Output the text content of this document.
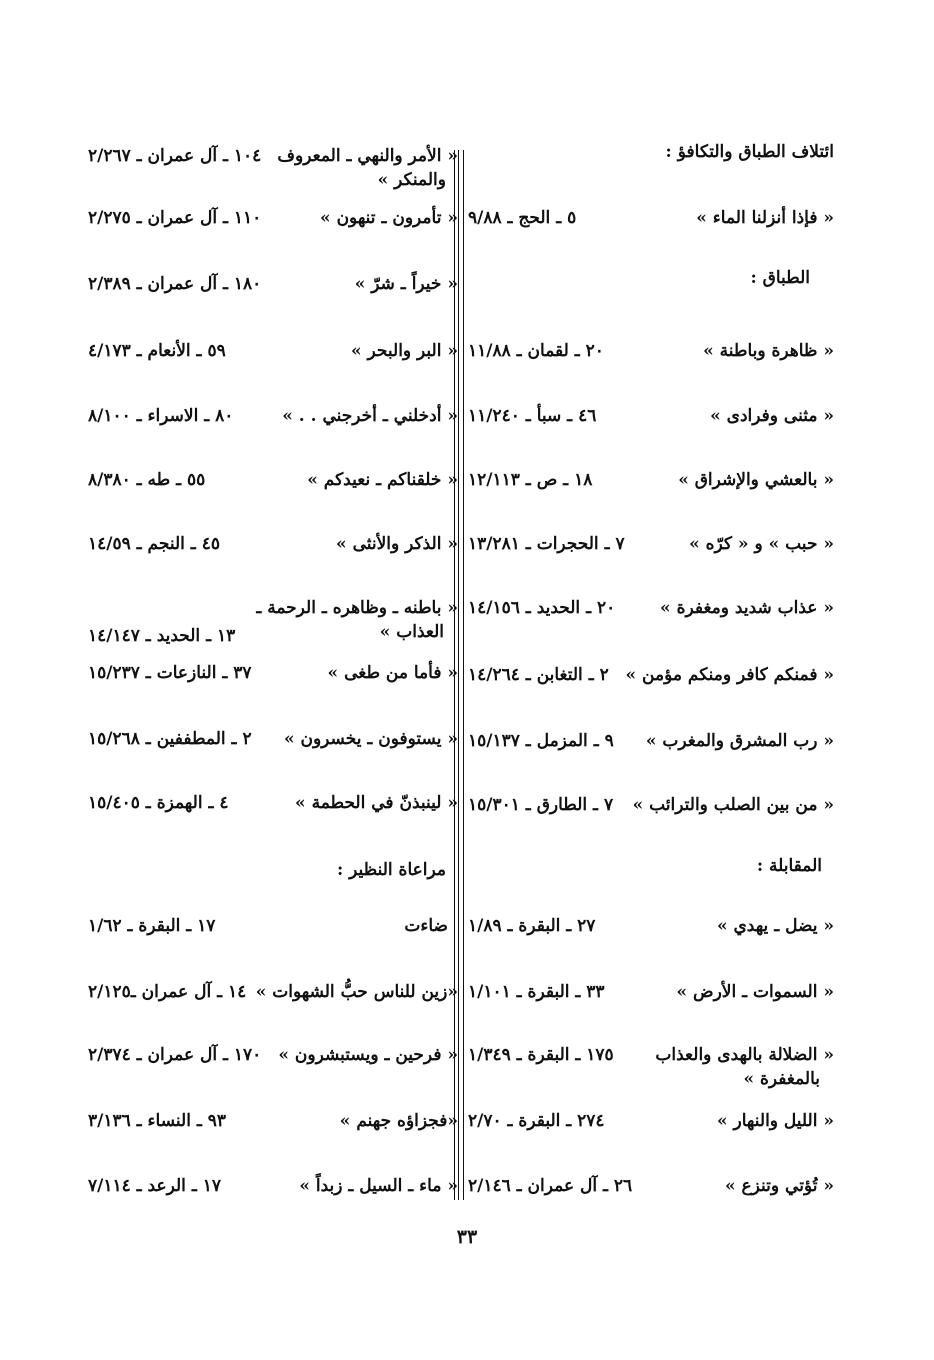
ائتلاف الطباق والتكافؤ :
« فإذا أنزلنا الماء »
٥ ـ الحج ـ ٩/٨٨
الطباق :
« ظاهرة وباطنة »
٢٠ ـ لقمان ـ ١١/٨٨
« مثنى وفرادى »
٤٦ ـ سبأ ـ ١١/٢٤٠
« بالعشي والإشراق »
١٨ ـ ص ـ ١٢/١١٣
« حبب » و « كرّه »
٧ ـ الحجرات ـ ١٣/٢٨١
« عذاب شديد ومغفرة »
٢٠ ـ الحديد ـ ١٤/١٥٦
« فمنكم كافر ومنكم مؤمن »
٢ ـ التغابن ـ ١٤/٢٦٤
« رب المشرق والمغرب »
٩ ـ المزمل ـ ١٥/١٣٧
« من بين الصلب والترائب »
٧ ـ الطارق ـ ١٥/٣٠١
المقابلة :
« يضل ـ يهدي »
٢٧ ـ البقرة ـ ١/٨٩
« السموات ـ الأرض »
٣٣ ـ البقرة ـ ١/١٠١
« الضلالة بالهدى والعذاب
بالمغفرة »
١٧٥ ـ البقرة ـ ١/٣٤٩
« الليل والنهار »
٢٧٤ ـ البقرة ـ ٢/٧٠
« تُؤتي وتنزع »
٢٦ ـ آل عمران ـ ٢/١٤٦
« الأمر والنهي ـ المعروف
والمنكر »
١٠٤ ـ آل عمران ـ ٢/٢٦٧
« تأمرون ـ تنهون »
١١٠ ـ آل عمران ـ ٢/٢٧٥
« خيراً ـ شرّ »
١٨٠ ـ آل عمران ـ ٢/٣٨٩
« البر والبحر »
٥٩ ـ الأنعام ـ ٤/١٧٣
« أدخلني ـ أخرجني . . »
٨٠ ـ الاسراء ـ ٨/١٠٠
« خلقناكم ـ نعيدكم »
٥٥ ـ طه ـ ٨/٣٨٠
« الذكر والأنثى »
٤٥ ـ النجم ـ ١٤/٥٩
« باطنه ـ وظاهره ـ الرحمة ـ
العذاب »
١٣ ـ الحديد ـ ١٤/١٤٧
« فأما من طغى »
٣٧ ـ النازعات ـ ١٥/٢٣٧
« يستوفون ـ يخسرون »
٢ ـ المطففين ـ ١٥/٢٦٨
« لينبذنّ في الحطمة »
٤ ـ الهمزة ـ ١٥/٤٠٥
مراعاة النظير :
ضاءت
١٧ ـ البقرة ـ ١/٦٢
«زين للناس حبُّ الشهوات »
١٤ ـ آل عمران ـ٢/١٢٥
« فرحين ـ ويستبشرون »
١٧٠ ـ آل عمران ـ ٢/٣٧٤
«فجزاؤه جهنم »
٩٣ ـ النساء ـ ٣/١٣٦
« ماء ـ السيل ـ زبداً »
١٧ ـ الرعد ـ ٧/١١٤
٣٣
